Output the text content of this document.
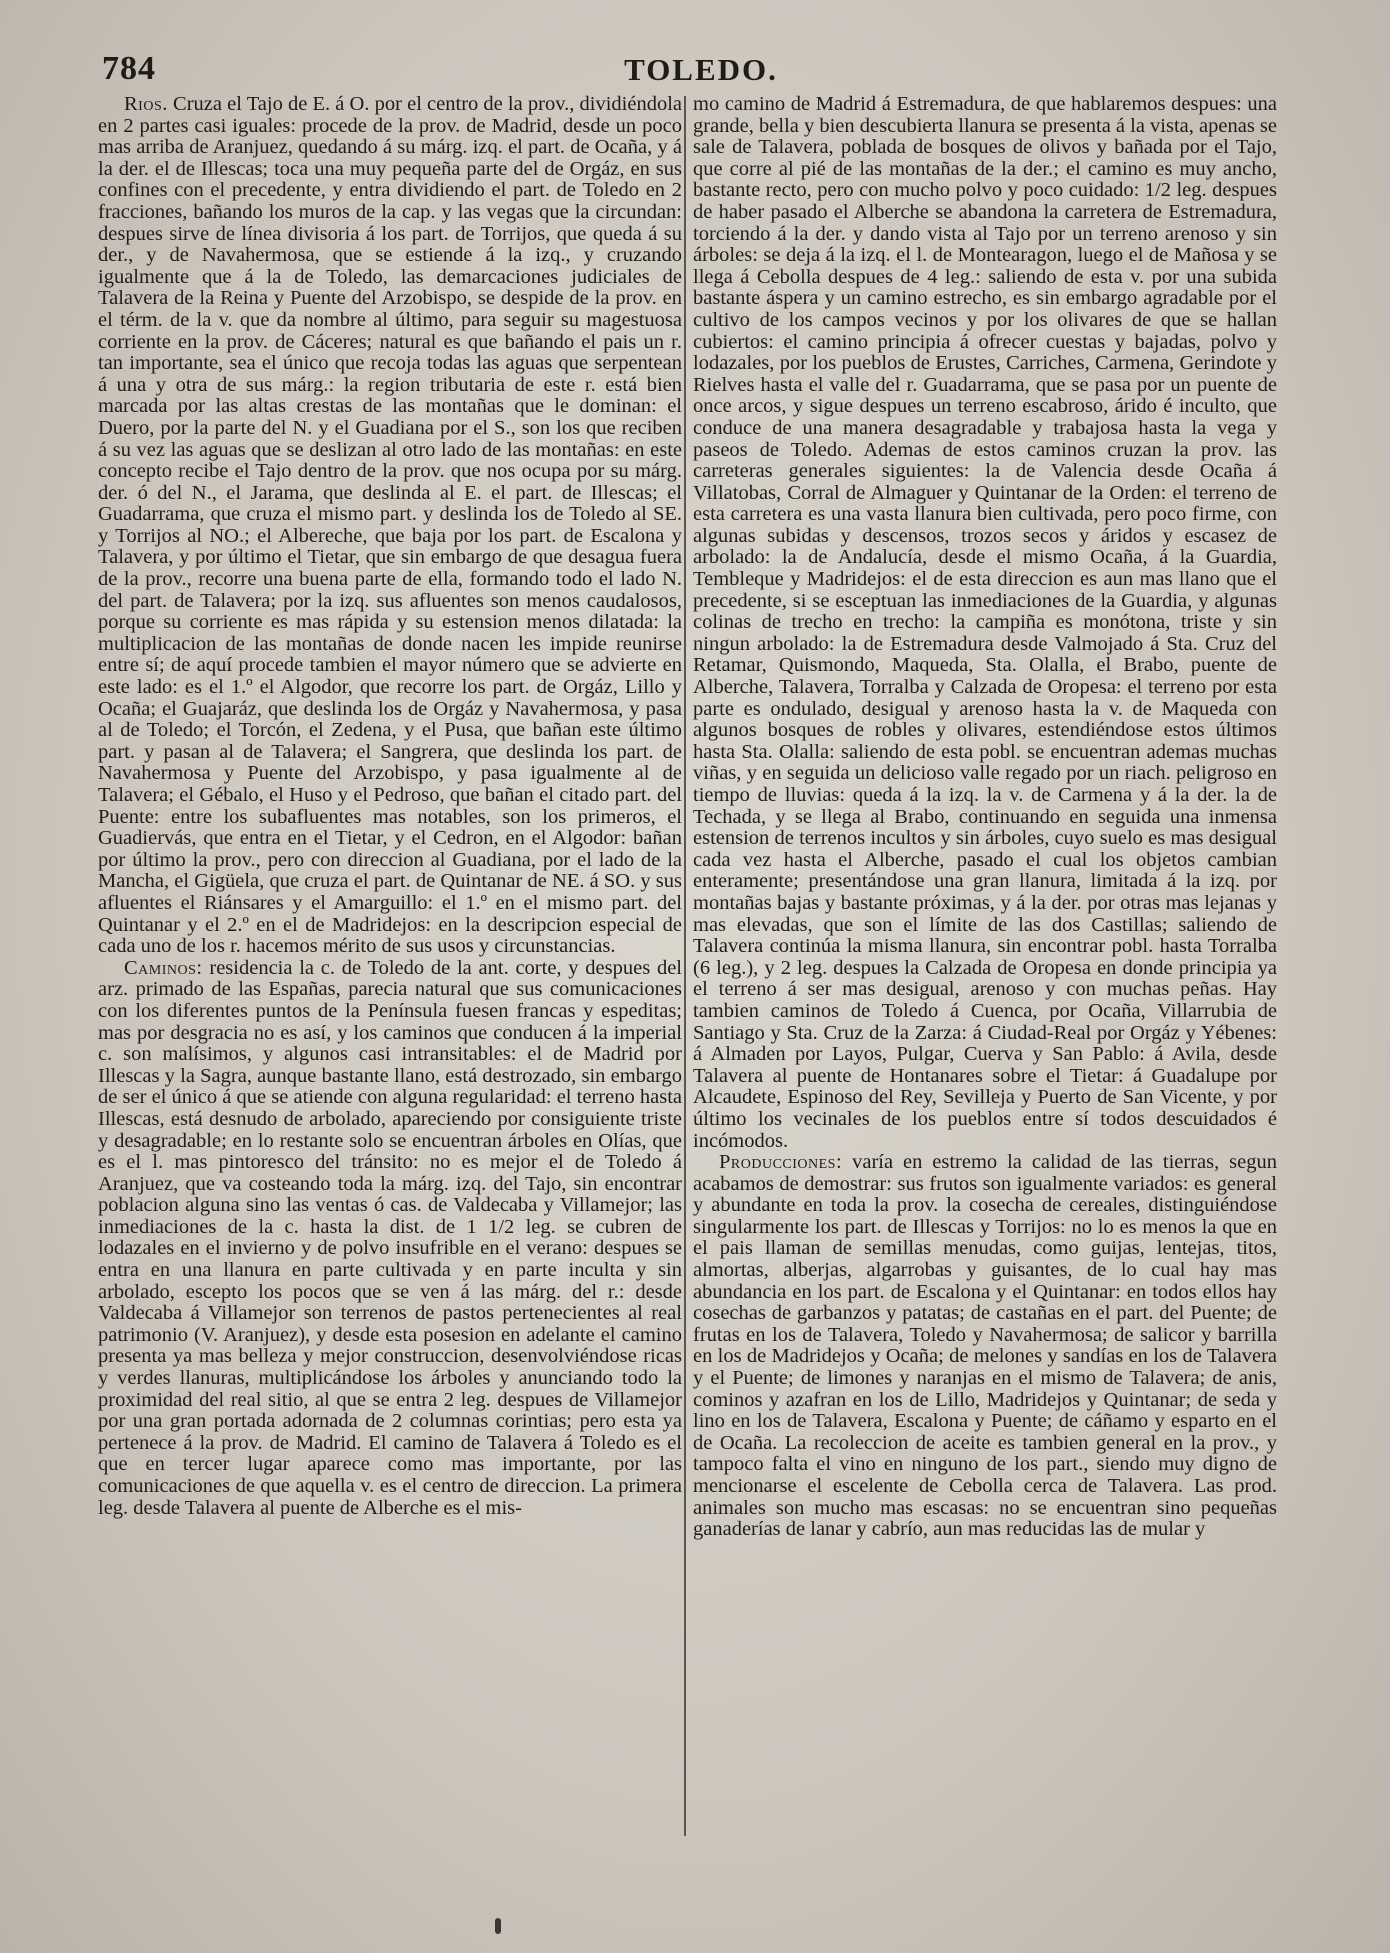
784	TOLEDO.

Rios. Cruza el Tajo de E. á O. por el centro de la prov., dividiéndola en 2 partes casi iguales: procede de la prov. de Madrid, desde un poco mas arriba de Aranjuez, quedando á su márg. izq. el part. de Ocaña, y á la der. el de Illescas; toca una muy pequeña parte del de Orgáz, en sus confines con el precedente, y entra dividiendo el part. de Toledo en 2 fracciones, bañando los muros de la cap. y las vegas que la circundan: despues sirve de línea divisoria á los part. de Torrijos, que queda á su der., y de Navahermosa, que se estiende á la izq., y cruzando igualmente que á la de Toledo, las demarcaciones judiciales de Talavera de la Reina y Puente del Arzobispo, se despide de la prov. en el térm. de la v. que da nombre al último, para seguir su magestuosa corriente en la prov. de Cáceres; natural es que bañando el pais un r. tan importante, sea el único que recoja todas las aguas que serpentean á una y otra de sus márg.: la region tributaria de este r. está bien marcada por las altas crestas de las montañas que le dominan: el Duero, por la parte del N. y el Guadiana por el S., son los que reciben á su vez las aguas que se deslizan al otro lado de las montañas: en este concepto recibe el Tajo dentro de la prov. que nos ocupa por su márg. der. ó del N., el Jarama, que deslinda al E. el part. de Illescas; el Guadarrama, que cruza el mismo part. y deslinda los de Toledo al SE. y Torrijos al NO.; el Albereche, que baja por los part. de Escalona y Talavera, y por último el Tietar, que sin embargo de que desagua fuera de la prov., recorre una buena parte de ella, formando todo el lado N. del part. de Talavera; por la izq. sus afluentes son menos caudalosos, porque su corriente es mas rápida y su estension menos dilatada: la multiplicacion de las montañas de donde nacen les impide reunirse entre sí; de aquí procede tambien el mayor número que se advierte en este lado: es el 1.º el Algodor, que recorre los part. de Orgáz, Lillo y Ocaña; el Guajaráz, que deslinda los de Orgáz y Navahermosa, y pasa al de Toledo; el Torcón, el Zedena, y el Pusa, que bañan este último part. y pasan al de Talavera; el Sangrera, que deslinda los part. de Navahermosa y Puente del Arzobispo, y pasa igualmente al de Talavera; el Gébalo, el Huso y el Pedroso, que bañan el citado part. del Puente: entre los subafluentes mas notables, son los primeros, el Guadiervás, que entra en el Tietar, y el Cedron, en el Algodor: bañan por último la prov., pero con direccion al Guadiana, por el lado de la Mancha, el Gigüela, que cruza el part. de Quintanar de NE. á SO. y sus afluentes el Riánsares y el Amarguillo: el 1.º en el mismo part. del Quintanar y el 2.º en el de Madridejos: en la descripcion especial de cada uno de los r. hacemos mérito de sus usos y circunstancias.

Caminos: residencia la c. de Toledo de la ant. corte, y despues del arz. primado de las Españas, parecia natural que sus comunicaciones con los diferentes puntos de la Península fuesen francas y espeditas; mas por desgracia no es así, y los caminos que conducen á la imperial c. son malísimos, y algunos casi intransitables: el de Madrid por Illescas y la Sagra, aunque bastante llano, está destrozado, sin embargo de ser el único á que se atiende con alguna regularidad: el terreno hasta Illescas, está desnudo de arbolado, apareciendo por consiguiente triste y desagradable; en lo restante solo se encuentran árboles en Olías, que es el l. mas pintoresco del tránsito: no es mejor el de Toledo á Aranjuez, que va costeando toda la márg. izq. del Tajo, sin encontrar poblacion alguna sino las ventas ó cas. de Valdecaba y Villamejor; las inmediaciones de la c. hasta la dist. de 1 1/2 leg. se cubren de lodazales en el invierno y de polvo insufrible en el verano: despues se entra en una llanura en parte cultivada y en parte inculta y sin arbolado, escepto los pocos que se ven á las márg. del r.: desde Valdecaba á Villamejor son terrenos de pastos pertenecientes al real patrimonio (V. Aranjuez), y desde esta posesion en adelante el camino presenta ya mas belleza y mejor construccion, desenvolviéndose ricas y verdes llanuras, multiplicándose los árboles y anunciando todo la proximidad del real sitio, al que se entra 2 leg. despues de Villamejor por una gran portada adornada de 2 columnas corintias; pero esta ya pertenece á la prov. de Madrid. El camino de Talavera á Toledo es el que en tercer lugar aparece como mas importante, por las comunicaciones de que aquella v. es el centro de direccion. La primera leg. desde Talavera al puente de Alberche es el mis-

mo camino de Madrid á Estremadura, de que hablaremos despues: una grande, bella y bien descubierta llanura se presenta á la vista, apenas se sale de Talavera, poblada de bosques de olivos y bañada por el Tajo, que corre al pié de las montañas de la der.; el camino es muy ancho, bastante recto, pero con mucho polvo y poco cuidado: 1/2 leg. despues de haber pasado el Alberche se abandona la carretera de Estremadura, torciendo á la der. y dando vista al Tajo por un terreno arenoso y sin árboles: se deja á la izq. el l. de Montearagon, luego el de Mañosa y se llega á Cebolla despues de 4 leg.: saliendo de esta v. por una subida bastante áspera y un camino estrecho, es sin embargo agradable por el cultivo de los campos vecinos y por los olivares de que se hallan cubiertos: el camino principia á ofrecer cuestas y bajadas, polvo y lodazales, por los pueblos de Erustes, Carriches, Carmena, Gerindote y Rielves hasta el valle del r. Guadarrama, que se pasa por un puente de once arcos, y sigue despues un terreno escabroso, árido é inculto, que conduce de una manera desagradable y trabajosa hasta la vega y paseos de Toledo. Ademas de estos caminos cruzan la prov. las carreteras generales siguientes: la de Valencia desde Ocaña á Villatobas, Corral de Almaguer y Quintanar de la Orden: el terreno de esta carretera es una vasta llanura bien cultivada, pero poco firme, con algunas subidas y descensos, trozos secos y áridos y escasez de arbolado: la de Andalucía, desde el mismo Ocaña, á la Guardia, Tembleque y Madridejos: el de esta direccion es aun mas llano que el precedente, si se esceptuan las inmediaciones de la Guardia, y algunas colinas de trecho en trecho: la campiña es monótona, triste y sin ningun arbolado: la de Estremadura desde Valmojado á Sta. Cruz del Retamar, Quismondo, Maqueda, Sta. Olalla, el Brabo, puente de Alberche, Talavera, Torralba y Calzada de Oropesa: el terreno por esta parte es ondulado, desigual y arenoso hasta la v. de Maqueda con algunos bosques de robles y olivares, estendiéndose estos últimos hasta Sta. Olalla: saliendo de esta pobl. se encuentran ademas muchas viñas, y en seguida un delicioso valle regado por un riach. peligroso en tiempo de lluvias: queda á la izq. la v. de Carmena y á la der. la de Techada, y se llega al Brabo, continuando en seguida una inmensa estension de terrenos incultos y sin árboles, cuyo suelo es mas desigual cada vez hasta el Alberche, pasado el cual los objetos cambian enteramente; presentándose una gran llanura, limitada á la izq. por montañas bajas y bastante próximas, y á la der. por otras mas lejanas y mas elevadas, que son el límite de las dos Castillas; saliendo de Talavera continúa la misma llanura, sin encontrar pobl. hasta Torralba (6 leg.), y 2 leg. despues la Calzada de Oropesa en donde principia ya el terreno á ser mas desigual, arenoso y con muchas peñas. Hay tambien caminos de Toledo á Cuenca, por Ocaña, Villarrubia de Santiago y Sta. Cruz de la Zarza: á Ciudad-Real por Orgáz y Yébenes: á Almaden por Layos, Pulgar, Cuerva y San Pablo: á Avila, desde Talavera al puente de Hontanares sobre el Tietar: á Guadalupe por Alcaudete, Espinoso del Rey, Sevilleja y Puerto de San Vicente, y por último los vecinales de los pueblos entre sí todos descuidados é incómodos.

Producciones: varía en estremo la calidad de las tierras, segun acabamos de demostrar: sus frutos son igualmente variados: es general y abundante en toda la prov. la cosecha de cereales, distinguiéndose singularmente los part. de Illescas y Torrijos: no lo es menos la que en el pais llaman de semillas menudas, como guijas, lentejas, titos, almortas, alberjas, algarrobas y guisantes, de lo cual hay mas abundancia en los part. de Escalona y el Quintanar: en todos ellos hay cosechas de garbanzos y patatas; de castañas en el part. del Puente; de frutas en los de Talavera, Toledo y Navahermosa; de salicor y barrilla en los de Madridejos y Ocaña; de melones y sandías en los de Talavera y el Puente; de limones y naranjas en el mismo de Talavera; de anis, cominos y azafran en los de Lillo, Madridejos y Quintanar; de seda y lino en los de Talavera, Escalona y Puente; de cáñamo y esparto en el de Ocaña. La recoleccion de aceite es tambien general en la prov., y tampoco falta el vino en ninguno de los part., siendo muy digno de mencionarse el escelente de Cebolla cerca de Talavera. Las prod. animales son mucho mas escasas: no se encuentran sino pequeñas ganaderías de lanar y cabrío, aun mas reducidas las de mular y
